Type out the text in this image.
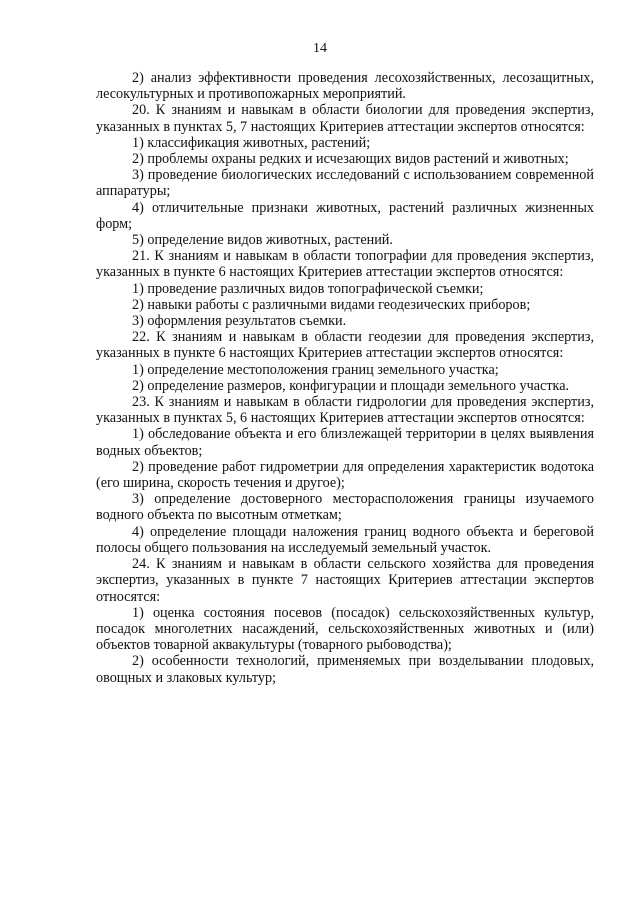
14

2) анализ эффективности проведения лесохозяйственных, лесозащитных, лесокультурных и противопожарных мероприятий.

20. К знаниям и навыкам в области биологии для проведения экспертиз, указанных в пунктах 5, 7 настоящих Критериев аттестации экспертов относятся:

1) классификация животных, растений;

2) проблемы охраны редких и исчезающих видов растений и животных;

3) проведение биологических исследований с использованием современной аппаратуры;

4) отличительные признаки животных, растений различных жизненных форм;

5) определение видов животных, растений.

21. К знаниям и навыкам в области топографии для проведения экспертиз, указанных в пункте 6 настоящих Критериев аттестации экспертов относятся:

1) проведение различных видов топографической съемки;

2) навыки работы с различными видами геодезических приборов;

3) оформления результатов съемки.

22. К знаниям и навыкам в области геодезии для проведения экспертиз, указанных в пункте 6 настоящих Критериев аттестации экспертов относятся:

1) определение местоположения границ земельного участка;

2) определение размеров, конфигурации и площади земельного участка.

23. К знаниям и навыкам в области гидрологии для проведения экспертиз, указанных в пунктах 5, 6 настоящих Критериев аттестации экспертов относятся:

1) обследование объекта и его близлежащей территории в целях выявления водных объектов;

2) проведение работ гидрометрии для определения характеристик водотока (его ширина, скорость течения и другое);

3) определение достоверного месторасположения границы изучаемого водного объекта по высотным отметкам;

4) определение площади наложения границ водного объекта и береговой полосы общего пользования на исследуемый земельный участок.

24. К знаниям и навыкам в области сельского хозяйства для проведения экспертиз, указанных в пункте 7 настоящих Критериев аттестации экспертов относятся:

1) оценка состояния посевов (посадок) сельскохозяйственных культур, посадок многолетних насаждений, сельскохозяйственных животных и (или) объектов товарной аквакультуры (товарного рыбоводства);

2) особенности технологий, применяемых при возделывании плодовых, овощных и злаковых культур;
